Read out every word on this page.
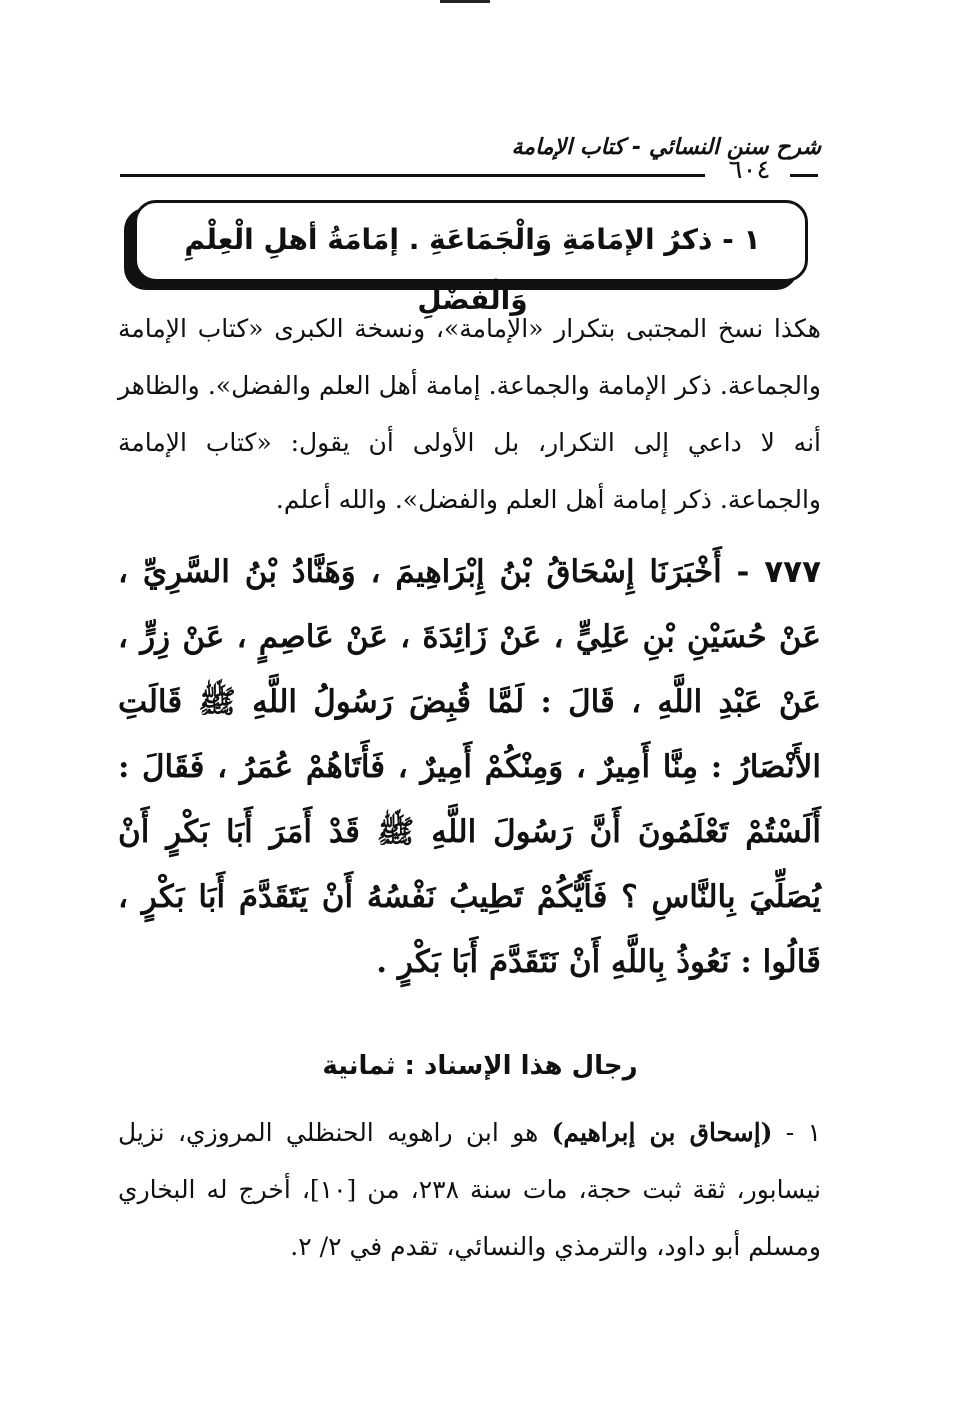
شرح سنن النسائي - كتاب الإمامة
٦٠٤
١ - ذكرُ الإمَامَةِ وَالْجَمَاعَةِ . إمَامَةُ أهلِ الْعِلْمِ وَالْفَضْلِ

هكذا نسخ المجتبى بتكرار «الإمامة»، ونسخة الكبرى «كتاب الإمامة والجماعة. ذكر الإمامة والجماعة. إمامة أهل العلم والفضل». والظاهر أنه لا داعي إلى التكرار، بل الأولى أن يقول: «كتاب الإمامة والجماعة. ذكر إمامة أهل العلم والفضل». والله أعلم.

٧٧٧ - أَخْبَرَنَا إِسْحَاقُ بْنُ إِبْرَاهِيمَ ، وَهَنَّادُ بْنُ السَّرِيِّ ، عَنْ حُسَيْنِ بْنِ عَلِيٍّ ، عَنْ زَائِدَةَ ، عَنْ عَاصِمٍ ، عَنْ زِرٍّ ، عَنْ عَبْدِ اللَّهِ ، قَالَ : لَمَّا قُبِضَ رَسُولُ اللَّهِ ﷺ قَالَتِ الأَنْصَارُ : مِنَّا أَمِيرٌ ، وَمِنْكُمْ أَمِيرٌ ، فَأَتَاهُمْ عُمَرُ ، فَقَالَ : أَلَسْتُمْ تَعْلَمُونَ أَنَّ رَسُولَ اللَّهِ ﷺ قَدْ أَمَرَ أَبَا بَكْرٍ أَنْ يُصَلِّيَ بِالنَّاسِ ؟ فَأَيُّكُمْ تَطِيبُ نَفْسُهُ أَنْ يَتَقَدَّمَ أَبَا بَكْرٍ ، قَالُوا : نَعُوذُ بِاللَّهِ أَنْ نَتَقَدَّمَ أَبَا بَكْرٍ .

رجال هذا الإسناد : ثمانية

١ - (إسحاق بن إبراهيم) هو ابن راهويه الحنظلي المروزي، نزيل نيسابور، ثقة ثبت حجة، مات سنة ٢٣٨، من [١٠]، أخرج له البخاري ومسلم أبو داود، والترمذي والنسائي، تقدم في ٢/ ٢.
